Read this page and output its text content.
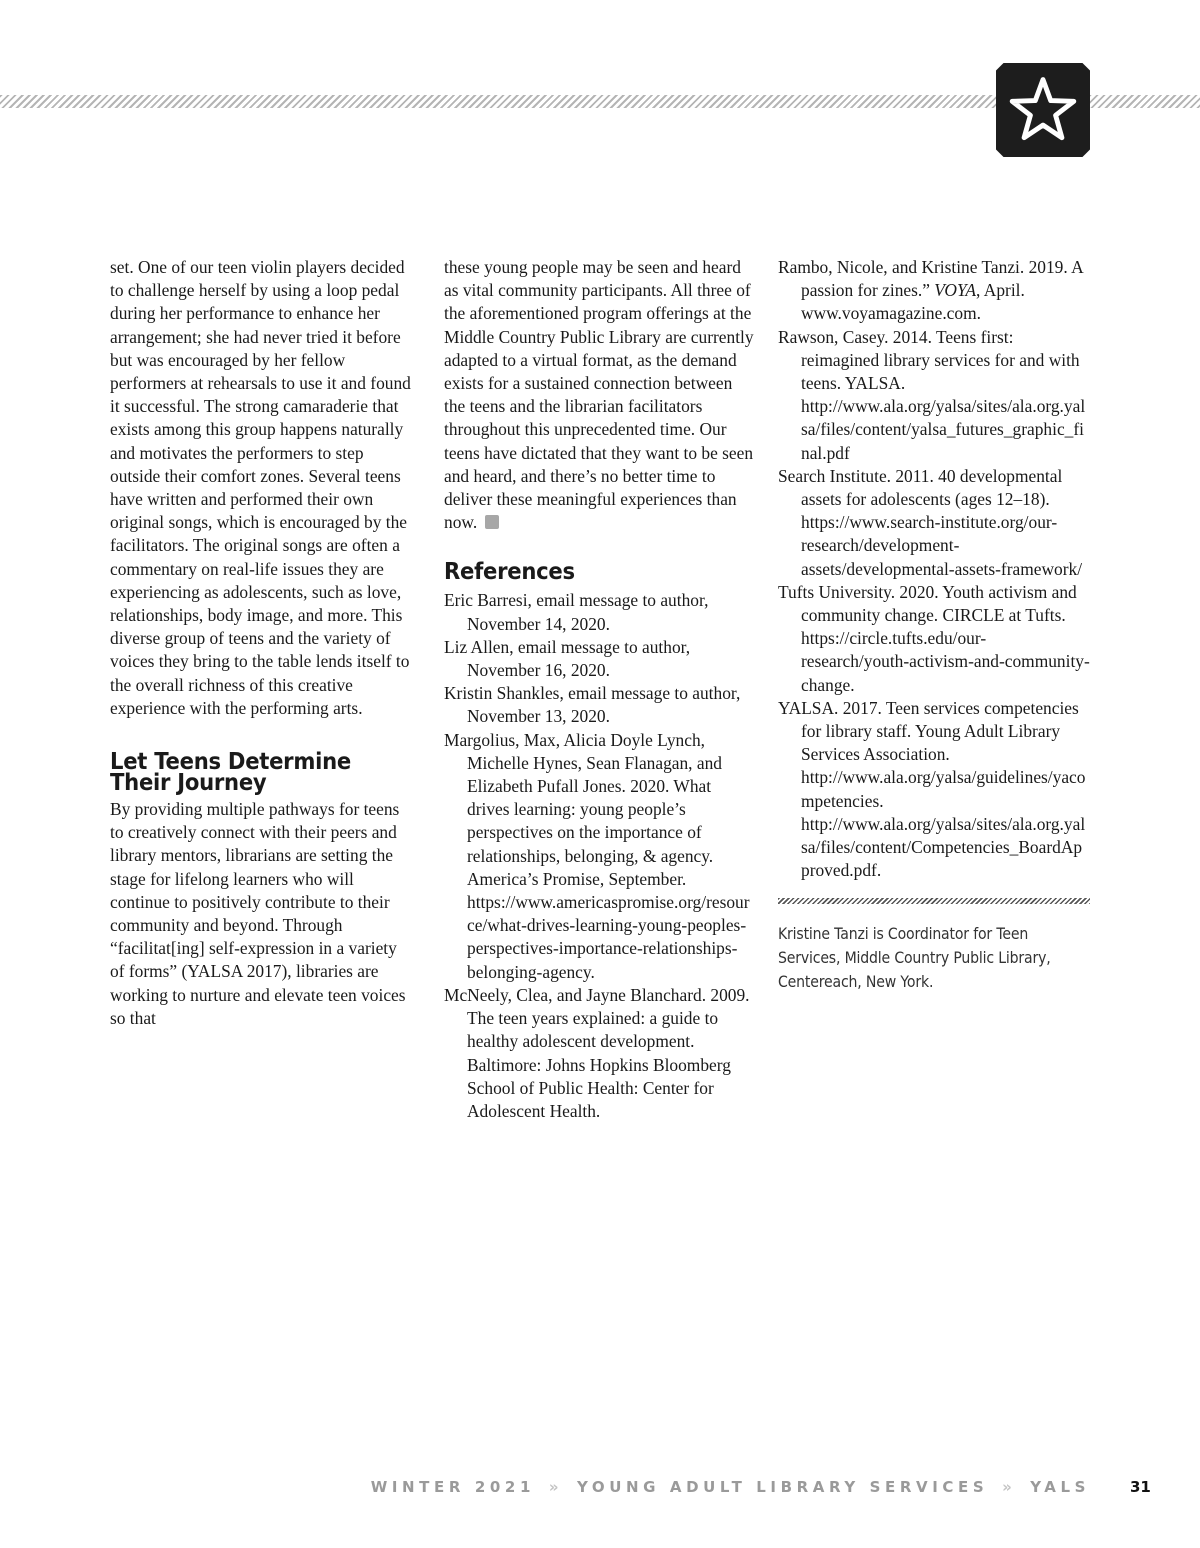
set. One of our teen violin players decided to challenge herself by using a loop pedal during her performance to enhance her arrangement; she had never tried it before but was encouraged by her fellow performers at rehearsals to use it and found it successful. The strong camaraderie that exists among this group happens naturally and motivates the performers to step outside their comfort zones. Several teens have written and performed their own original songs, which is encouraged by the facilitators. The original songs are often a commentary on real-life issues they are experiencing as adolescents, such as love, relationships, body image, and more. This diverse group of teens and the variety of voices they bring to the table lends itself to the overall richness of this creative experience with the performing arts.

Let Teens Determine Their Journey

By providing multiple pathways for teens to creatively connect with their peers and library mentors, librarians are setting the stage for lifelong learners who will continue to positively contribute to their community and beyond. Through “facilitat[ing] self-expression in a variety of forms” (YALSA 2017), libraries are working to nurture and elevate teen voices so that

these young people may be seen and heard as vital community participants. All three of the aforementioned program offerings at the Middle Country Public Library are currently adapted to a virtual format, as the demand exists for a sustained connection between the teens and the librarian facilitators throughout this unprecedented time. Our teens have dictated that they want to be seen and heard, and there’s no better time to deliver these meaningful experiences than now.

References
Eric Barresi, email message to author, November 14, 2020.
Liz Allen, email message to author, November 16, 2020.
Kristin Shankles, email message to author, November 13, 2020.
Margolius, Max, Alicia Doyle Lynch, Michelle Hynes, Sean Flanagan, and Elizabeth Pufall Jones. 2020. What drives learning: young people’s perspectives on the importance of relationships, belonging, & agency. America’s Promise, September. https://www.americaspromise.org/resource/what-drives-learning-young-peoples-perspectives-importance-relationships-belonging-agency.
McNeely, Clea, and Jayne Blanchard. 2009. The teen years explained: a guide to healthy adolescent development. Baltimore: Johns Hopkins Bloomberg School of Public Health: Center for Adolescent Health.
Rambo, Nicole, and Kristine Tanzi. 2019. A passion for zines.” VOYA, April. www.voyamagazine.com.
Rawson, Casey. 2014. Teens first: reimagined library services for and with teens. YALSA. http://www.ala.org/yalsa/sites/ala.org.yalsa/files/content/yalsa_futures_graphic_final.pdf
Search Institute. 2011. 40 developmental assets for adolescents (ages 12–18). https://www.search-institute.org/our-research/development-assets/developmental-assets-framework/
Tufts University. 2020. Youth activism and community change. CIRCLE at Tufts. https://circle.tufts.edu/our-research/youth-activism-and-community-change.
YALSA. 2017. Teen services competencies for library staff. Young Adult Library Services Association. http://www.ala.org/yalsa/guidelines/yacompetencies. http://www.ala.org/yalsa/sites/ala.org.yalsa/files/content/Competencies_BoardApproved.pdf.

Kristine Tanzi is Coordinator for Teen Services, Middle Country Public Library, Centereach, New York.

WINTER 2021 » YOUNG ADULT LIBRARY SERVICES » YALS	31
